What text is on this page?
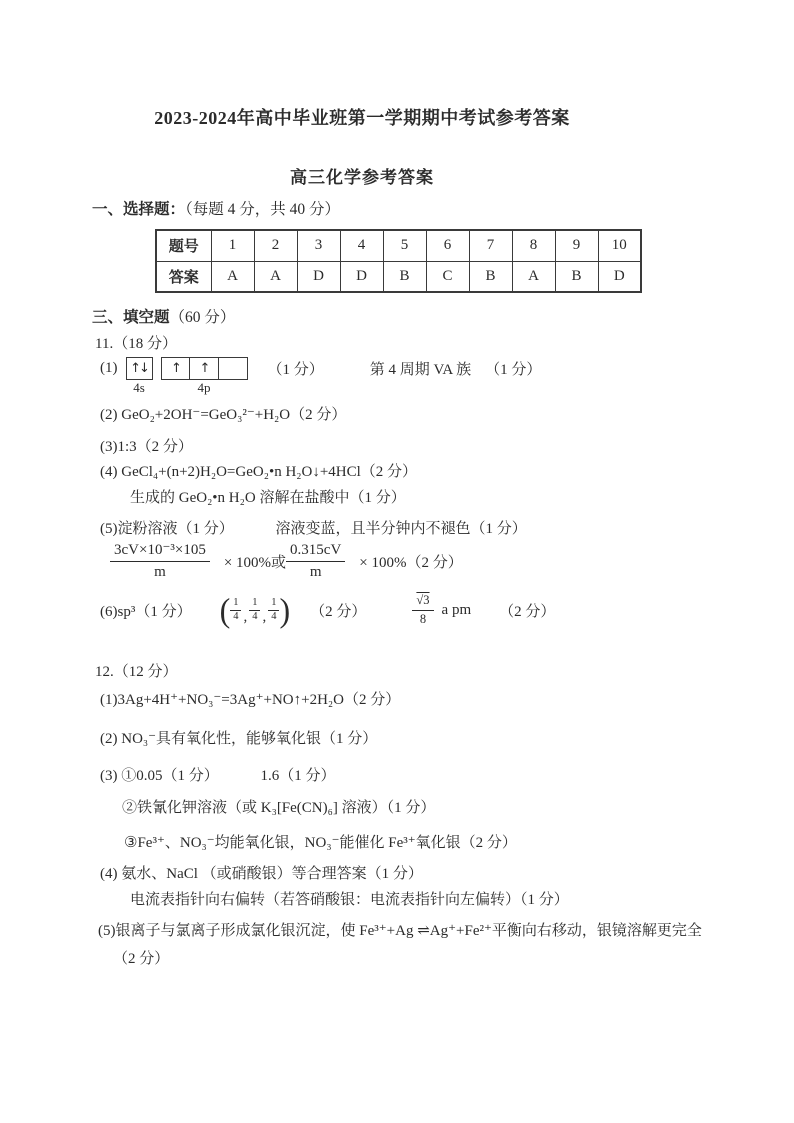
2023-2024年高中毕业班第一学期期中考试参考答案
高三化学参考答案
一、选择题：（每题 4 分，共 40 分）
题号	1	2	3	4	5	6	7	8	9	10
答案	A	A	D	D	B	C	B	A	B	D
三、填空题（60 分）
11.（18 分）
(1) ↑↓
4s
↑	↑
4p
（1 分）	第 4 周期 VA 族 （1 分）
(2) GeO₂+2OH⁻=GeO₃²⁻+H₂O（2 分）
(3)1:3（2 分）
(4) GeCl₄+(n+2)H₂O=GeO₂•n H₂O↓+4HCl（2 分）
生成的 GeO₂•n H₂O 溶解在盐酸中（1 分）
(5)淀粉溶液（1 分）	溶液变蓝，且半分钟内不褪色（1 分）
$\frac{\text{3cV×10⁻³×105}}{m} \times 100\%$或 $\frac{0.315cV}{m} \times 100\%(2$ 分）
(6)sp³（1 分） ( $\frac{1}{4}$ , $\frac{1}{4}$ , $\frac{1}{4}$ ) （2 分）	$\frac{√3}{8}$ a pm （2 分）
12.（12 分）
(1)3Ag+4H⁺+NO₃⁻=3Ag⁺+NO↑+2H₂O（2 分）
(2) NO₃⁻具有氧化性，能够氧化银（1 分）
(3) ①0.05（1 分）	1.6（1 分）
②铁氰化钾溶液（或 K₃[Fe(CN)₆] 溶液）（1 分）
③Fe³⁺、NO₃⁻均能氧化银，NO₃⁻能催化 Fe³⁺氧化银（2 分）
(4) 氨水、NaCl （或硝酸银）等合理答案（1 分）
电流表指针向右偏转（若答硝酸银：电流表指针向左偏转）（1 分）
(5)银离子与氯离子形成氯化银沉淀，使 Fe³⁺+Ag ⇌Ag⁺+Fe²⁺平衡向右移动，银镜溶解更完全
（2 分）
